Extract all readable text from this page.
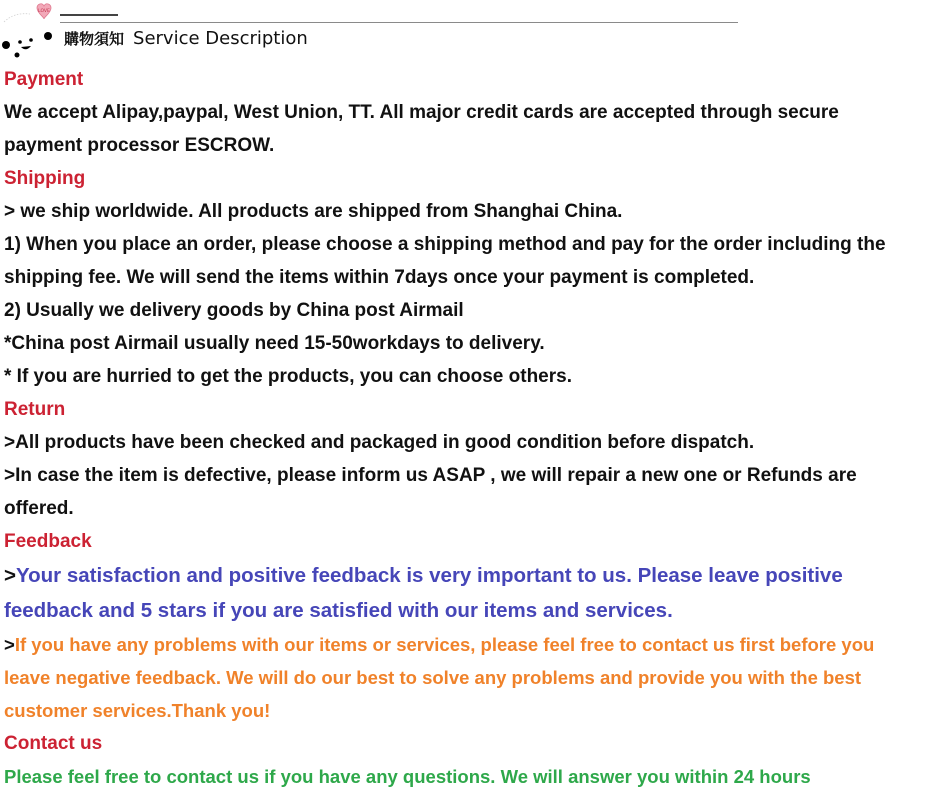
LOVE
購物須知 Service Description
Payment
We accept Alipay,paypal, West Union, TT. All major credit cards are accepted through secure
payment processor ESCROW.
Shipping
> we ship worldwide. All products are shipped from Shanghai China.
1) When you place an order, please choose a shipping method and pay for the order including the
shipping fee. We will send the items within 7days once your payment is completed.
2) Usually we delivery goods by China post Airmail
*China post Airmail usually need 15-50workdays to delivery.
* If you are hurried to get the products, you can choose others.
Return
>All products have been checked and packaged in good condition before dispatch.
>In case the item is defective, please inform us ASAP , we will repair a new one or Refunds are
offered.
Feedback
>Your satisfaction and positive feedback is very important to us. Please leave positive
feedback and 5 stars if you are satisfied with our items and services.
>If you have any problems with our items or services, please feel free to contact us first before you
leave negative feedback. We will do our best to solve any problems and provide you with the best
customer services.Thank you!
Contact us
Please feel free to contact us if you have any questions. We will answer you within 24 hours
